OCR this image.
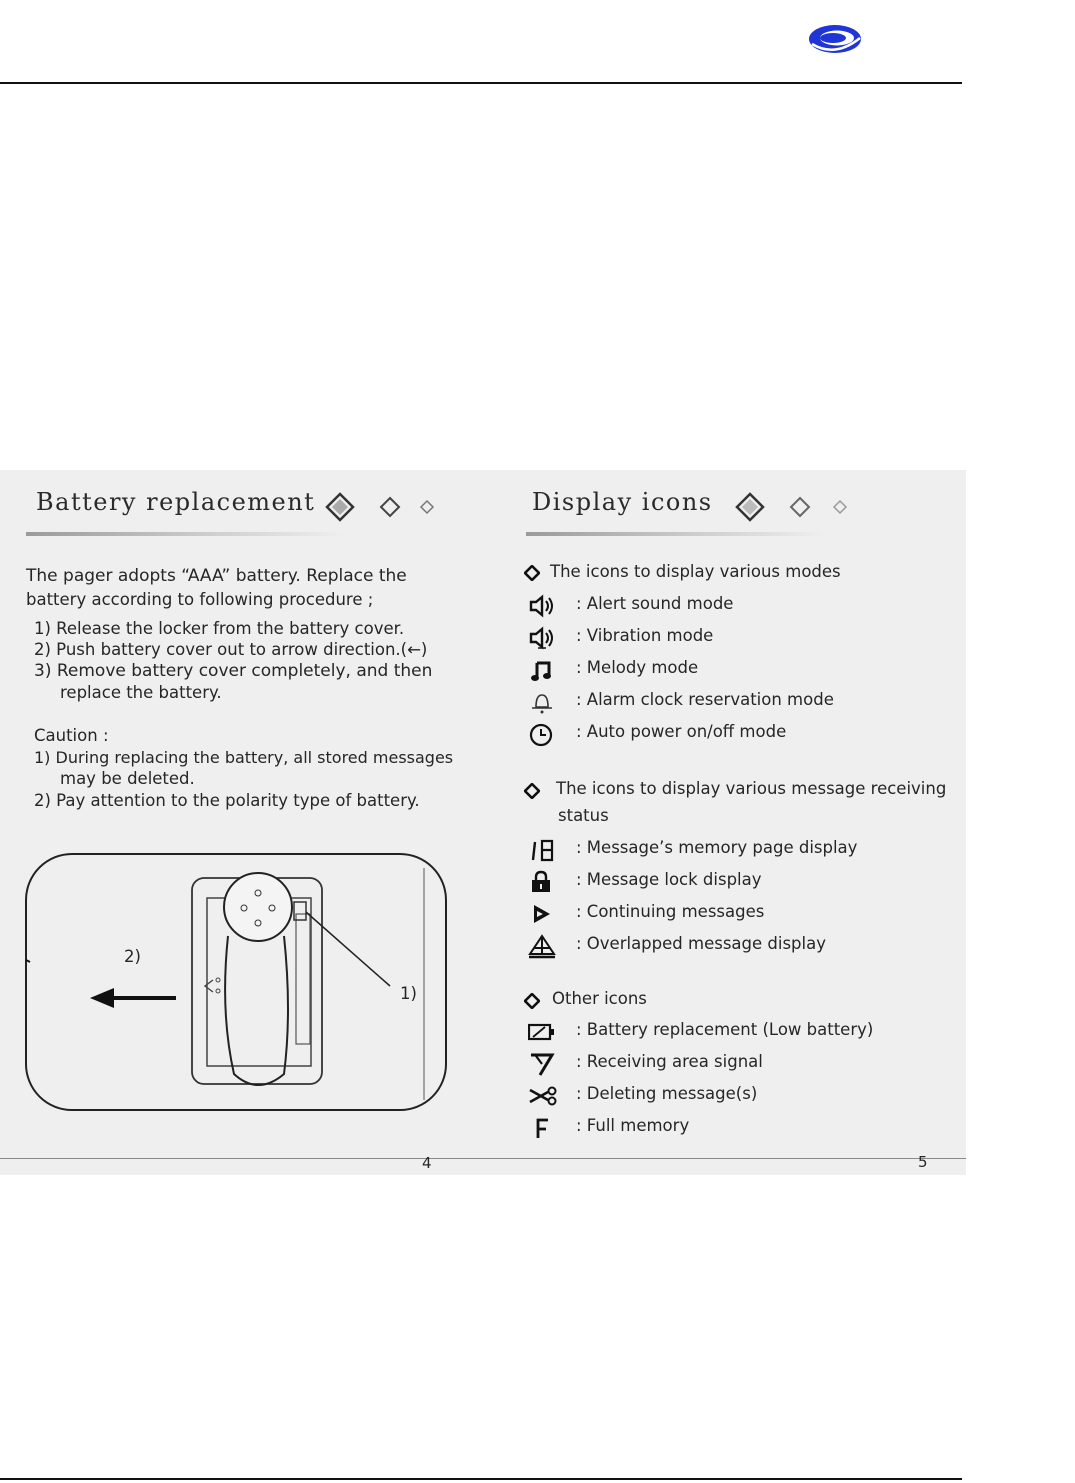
Battery replacement
The pager adopts “AAA” battery. Replace the
battery according to following procedure ;
1) Release the locker from the battery cover.
2) Push battery cover out to arrow direction.(←)
3) Remove battery cover completely, and then
replace the battery.
Caution :
1) During replacing the battery, all stored messages
may be deleted.
2) Pay attention to the polarity type of battery.
2)
1)
4
Display icons
The icons to display various modes
: Alert sound mode
: Vibration mode
: Melody mode
: Alarm clock reservation mode
: Auto power on/off mode
The icons to display various message receiving
status
: Message’s memory page display
: Message lock display
: Continuing messages
: Overlapped message display
Other icons
: Battery replacement (Low battery)
: Receiving area signal
: Deleting message(s)
: Full memory
5
